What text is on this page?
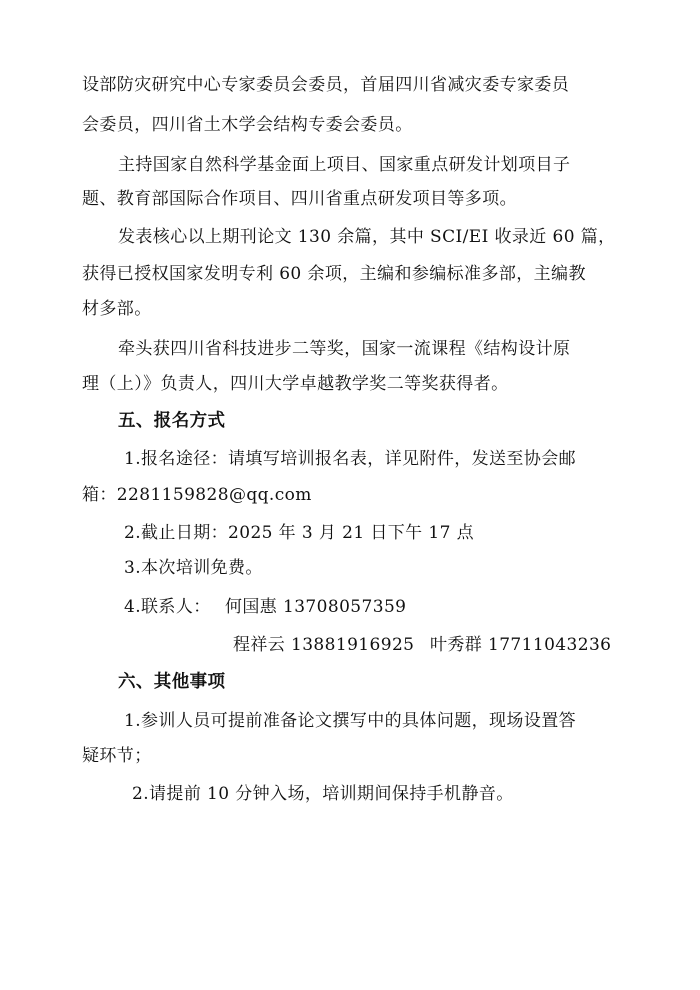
设部防灾研究中心专家委员会委员，首届四川省减灾委专家委员
会委员，四川省土木学会结构专委会委员。
主持国家自然科学基金面上项目、国家重点研发计划项目子
题、教育部国际合作项目、四川省重点研发项目等多项。
发表核心以上期刊论文 130 余篇，其中 SCI/EI 收录近 60 篇，
获得已授权国家发明专利 60 余项，主编和参编标准多部，主编教
材多部。
牵头获四川省科技进步二等奖，国家一流课程《结构设计原
理（上）》负责人，四川大学卓越教学奖二等奖获得者。
五、报名方式
1.报名途径：请填写培训报名表，详见附件，发送至协会邮
箱：2281159828@qq.com
2.截止日期：2025 年 3 月 21 日下午 17 点
3.本次培训免费。
4.联系人： 何国惠 13708057359
程祥云 13881916925 叶秀群 17711043236
六、其他事项
1.参训人员可提前准备论文撰写中的具体问题，现场设置答
疑环节；
2.请提前 10 分钟入场，培训期间保持手机静音。
